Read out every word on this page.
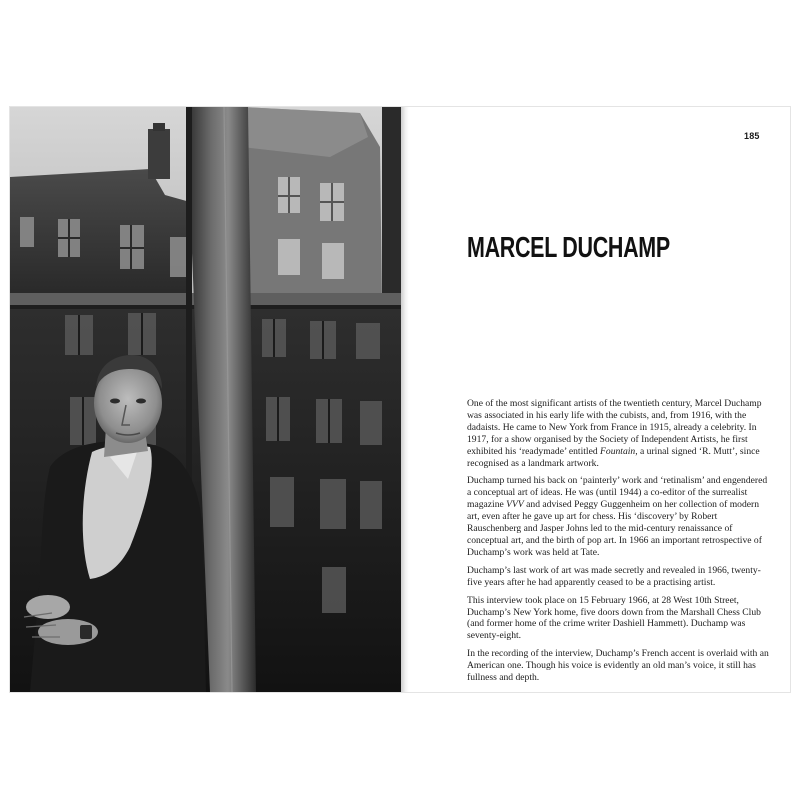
185
MARCEL DUCHAMP

One of the most significant artists of the twentieth century, Marcel Duchamp was associated in his early life with the cubists, and, from 1916, with the dadaists. He came to New York from France in 1915, already a celebrity. In 1917, for a show organised by the Society of Independent Artists, he first exhibited his ‘readymade’ entitled Fountain, a urinal signed ‘R. Mutt’, since recognised as a landmark artwork.

Duchamp turned his back on ‘painterly’ work and ‘retinalism’ and engendered a conceptual art of ideas. He was (until 1944) a co-editor of the surrealist magazine VVV and advised Peggy Guggenheim on her collection of modern art, even after he gave up art for chess. His ‘discovery’ by Robert Rauschenberg and Jasper Johns led to the mid-century renaissance of conceptual art, and the birth of pop art. In 1966 an important retrospective of Duchamp’s work was held at Tate.

Duchamp’s last work of art was made secretly and revealed in 1966, twenty-five years after he had apparently ceased to be a practising artist.

This interview took place on 15 February 1966, at 28 West 10th Street, Duchamp’s New York home, five doors down from the Marshall Chess Club (and former home of the crime writer Dashiell Hammett). Duchamp was seventy-eight.

In the recording of the interview, Duchamp’s French accent is overlaid with an American one. Though his voice is evidently an old man’s voice, it still has fullness and depth.
